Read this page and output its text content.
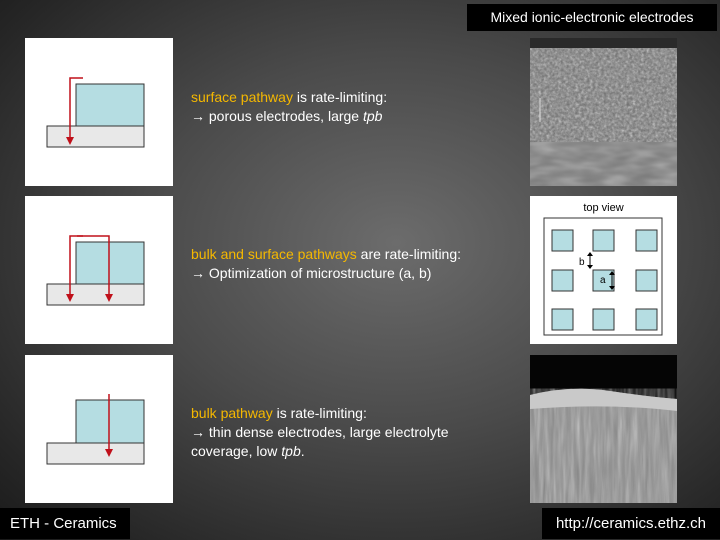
Mixed ionic-electronic electrodes
surface pathway is rate-limiting:
→ porous electrodes, large tpb
bulk and surface pathways are rate-limiting:
→ Optimization of microstructure (a, b)
bulk pathway is rate-limiting:
→ thin dense electrodes, large electrolyte
coverage, low tpb.
top view
b
a
ETH - Ceramics	http://ceramics.ethz.ch
